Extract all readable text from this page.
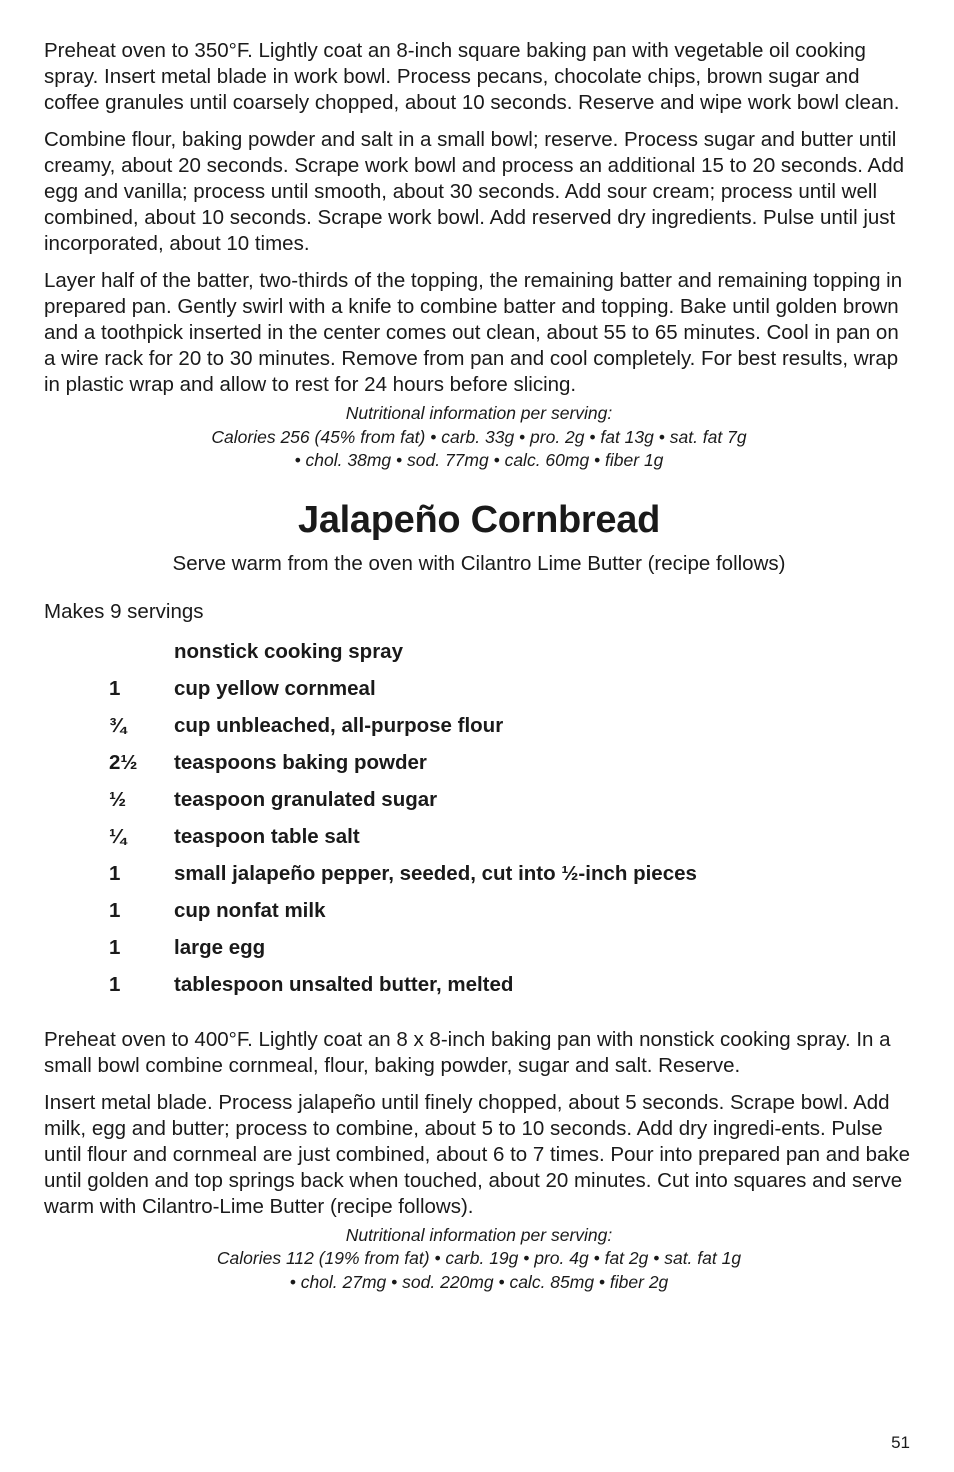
Preheat oven to 350°F. Lightly coat an 8-inch square baking pan with vegetable oil cooking spray. Insert metal blade in work bowl. Process pecans, chocolate chips, brown sugar and coffee granules until coarsely chopped, about 10 seconds. Reserve and wipe work bowl clean.

Combine flour, baking powder and salt in a small bowl; reserve. Process sugar and butter until creamy, about 20 seconds. Scrape work bowl and process an additional 15 to 20 seconds. Add egg and vanilla; process until smooth, about 30 seconds. Add sour cream; process until well combined, about 10 seconds. Scrape work bowl. Add reserved dry ingredients. Pulse until just incorporated, about 10 times.

Layer half of the batter, two-thirds of the topping, the remaining batter and remaining topping in prepared pan. Gently swirl with a knife to combine batter and topping. Bake until golden brown and a toothpick inserted in the center comes out clean, about 55 to 65 minutes. Cool in pan on a wire rack for 20 to 30 minutes. Remove from pan and cool completely. For best results, wrap in plastic wrap and allow to rest for 24 hours before slicing.

Nutritional information per serving:
Calories 256 (45% from fat) • carb. 33g • pro. 2g • fat 13g • sat. fat 7g
• chol. 38mg • sod. 77mg • calc. 60mg • fiber 1g
Jalapeño Cornbread
Serve warm from the oven with Cilantro Lime Butter (recipe follows)
Makes 9 servings
nonstick cooking spray
1	cup yellow cornmeal
¾	cup unbleached, all-purpose flour
2½	teaspoons baking powder
½	teaspoon granulated sugar
¼	teaspoon table salt
1	small jalapeño pepper, seeded, cut into ½-inch pieces
1	cup nonfat milk
1	large egg
1	tablespoon unsalted butter, melted

Preheat oven to 400°F. Lightly coat an 8 x 8-inch baking pan with nonstick cooking spray. In a small bowl combine cornmeal, flour, baking powder, sugar and salt. Reserve.

Insert metal blade. Process jalapeño until finely chopped, about 5 seconds. Scrape bowl. Add milk, egg and butter; process to combine, about 5 to 10 seconds. Add dry ingredi-ents. Pulse until flour and cornmeal are just combined, about 6 to 7 times. Pour into prepared pan and bake until golden and top springs back when touched, about 20 minutes. Cut into squares and serve warm with Cilantro-Lime Butter (recipe follows).

Nutritional information per serving:
Calories 112 (19% from fat) • carb. 19g • pro. 4g • fat 2g • sat. fat 1g
• chol. 27mg • sod. 220mg • calc. 85mg • fiber 2g
51
